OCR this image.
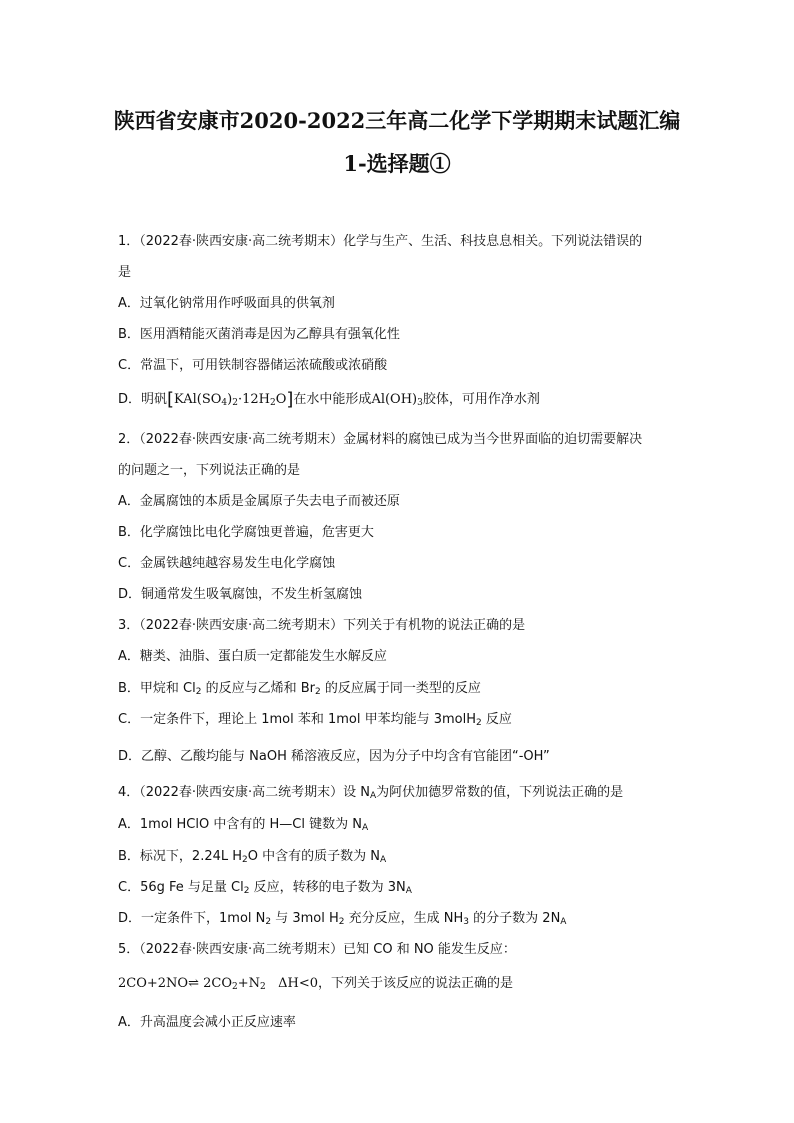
陕西省安康市2020-2022三年高二化学下学期期末试题汇编
1-选择题①
1．（2022春·陕西安康·高二统考期末）化学与生产、生活、科技息息相关。下列说法错误的
是
A．过氧化钠常用作呼吸面具的供氧剂
B．医用酒精能灭菌消毒是因为乙醇具有强氧化性
C．常温下，可用铁制容器储运浓硫酸或浓硝酸
D．明矾$[KAl(SO_4)_2\cdot 12H_2O]$在水中能形成$Al(OH)_3$胶体，可用作净水剂
2．（2022春·陕西安康·高二统考期末）金属材料的腐蚀已成为当今世界面临的迫切需要解决
的问题之一，下列说法正确的是
A．金属腐蚀的本质是金属原子失去电子而被还原
B．化学腐蚀比电化学腐蚀更普遍，危害更大
C．金属铁越纯越容易发生电化学腐蚀
D．铜通常发生吸氧腐蚀，不发生析氢腐蚀
3．（2022春·陕西安康·高二统考期末）下列关于有机物的说法正确的是
A．糖类、油脂、蛋白质一定都能发生水解反应
B．甲烷和 $Cl_2$ 的反应与乙烯和 $Br_2$ 的反应属于同一类型的反应
C．一定条件下，理论上 1mol 苯和 1mol 甲苯均能与 3molH$_2$ 反应
D．乙醇、乙酸均能与 NaOH 稀溶液反应，因为分子中均含有官能团“-OH”
4．（2022春·陕西安康·高二统考期末）设 $N_A$为阿伏加德罗常数的值，下列说法正确的是
A．1mol HClO 中含有的 H—Cl 键数为 $N_A$
B．标况下，2.24L $H_2O$ 中含有的质子数为 $N_A$
C．56g Fe 与足量 $Cl_2$ 反应，转移的电子数为 $3N_A$
D．一定条件下，1mol $N_2$ 与 3mol $H_2$ 充分反应，生成 $NH_3$ 的分子数为 $2N_A$
5．（2022春·陕西安康·高二统考期末）已知 CO 和 NO 能发生反应：
2CO+2NO⇌ $2CO_2+N_2$ ΔH<0，下列关于该反应的说法正确的是
A．升高温度会减小正反应速率
